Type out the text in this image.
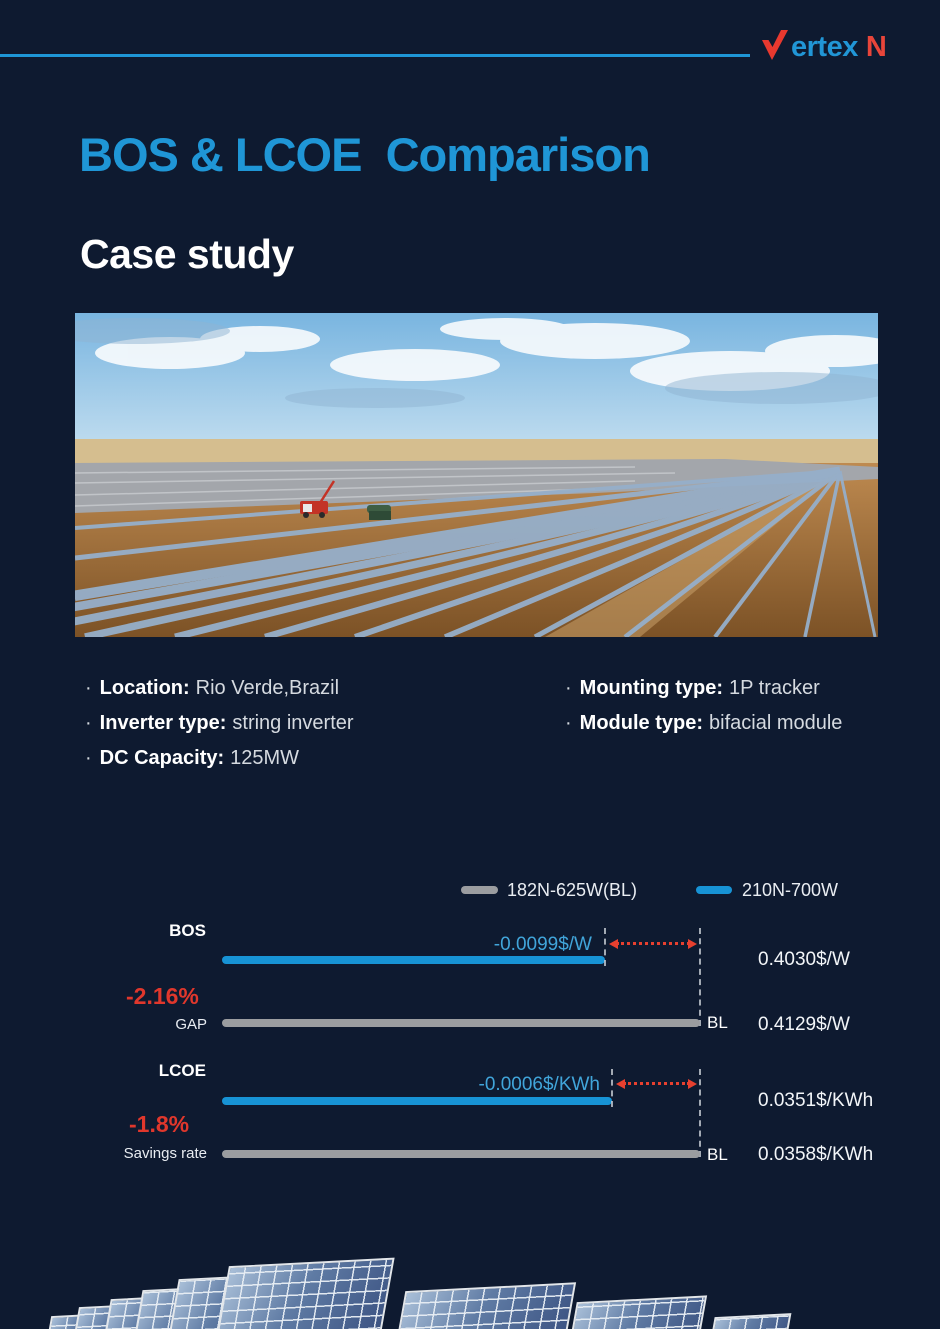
ertex N
BOS & LCOE  Comparison
Case study
· Location: Rio Verde,Brazil
· Inverter type: string inverter
· DC Capacity: 125MW
· Mounting type: 1P tracker
· Module type: bifacial module
182N-625W(BL)	210N-700W
BOS
-0.0099$/W
-2.16%
GAP	BL
0.4030$/W
0.4129$/W
LCOE
-0.0006$/KWh
-1.8%
Savings rate	BL
0.0351$/KWh
0.0358$/KWh
